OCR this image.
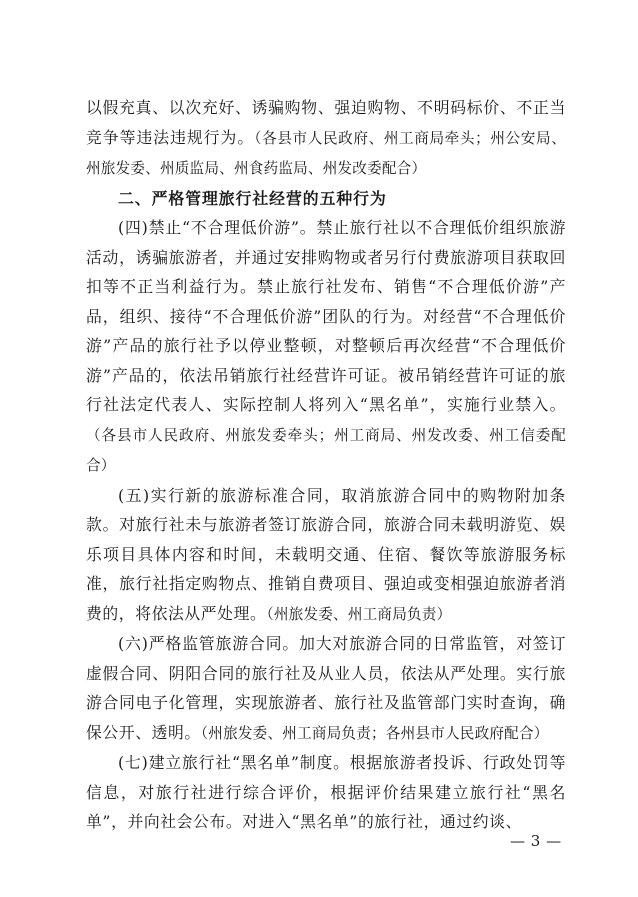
以假充真、以次充好、诱骗购物、强迫购物、不明码标价、不正当竞争等违法违规行为。（各县市人民政府、州工商局牵头；州公安局、州旅发委、州质监局、州食药监局、州发改委配合）

二、严格管理旅行社经营的五种行为

(四)禁止“不合理低价游”。禁止旅行社以不合理低价组织旅游活动，诱骗旅游者，并通过安排购物或者另行付费旅游项目获取回扣等不正当利益行为。禁止旅行社发布、销售“不合理低价游”产品，组织、接待“不合理低价游”团队的行为。对经营“不合理低价游”产品的旅行社予以停业整顿，对整顿后再次经营“不合理低价游”产品的，依法吊销旅行社经营许可证。被吊销经营许可证的旅行社法定代表人、实际控制人将列入“黑名单”，实施行业禁入。（各县市人民政府、州旅发委牵头；州工商局、州发改委、州工信委配合）

(五)实行新的旅游标准合同，取消旅游合同中的购物附加条款。对旅行社未与旅游者签订旅游合同，旅游合同未载明游览、娱乐项目具体内容和时间，未载明交通、住宿、餐饮等旅游服务标准，旅行社指定购物点、推销自费项目、强迫或变相强迫旅游者消费的，将依法从严处理。（州旅发委、州工商局负责）

(六)严格监管旅游合同。加大对旅游合同的日常监管，对签订虚假合同、阴阳合同的旅行社及从业人员，依法从严处理。实行旅游合同电子化管理，实现旅游者、旅行社及监管部门实时查询，确保公开、透明。（州旅发委、州工商局负责；各州县市人民政府配合）

(七)建立旅行社“黑名单”制度。根据旅游者投诉、行政处罚等信息，对旅行社进行综合评价，根据评价结果建立旅行社“黑名单”，并向社会公布。对进入“黑名单”的旅行社，通过约谈、

— 3 —
